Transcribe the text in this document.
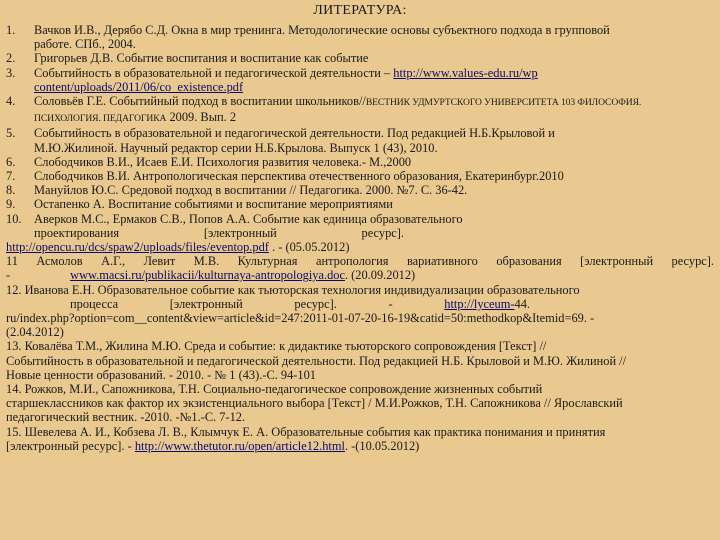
ЛИТЕРАТУРА:
1. Вачков И.В., Дерябо С.Д. Окна в мир тренинга. Методологические основы субъектного подхода в групповой
работе. СПб., 2004.
2. Григорьев Д.В. Событие воспитания и воспитание как событие
3. Событийность в образовательной и педагогической деятельности – http://www.values-edu.ru/wp
content/uploads/2011/06/co_existence.pdf
4. Соловьёв Г.Е. Событийный подход в воспитании школьников//ВЕСТНИК УДМУРТСКОГО УНИВЕРСИТЕТА 103 ФИЛОСОФИЯ.
ПСИХОЛОГИЯ. ПЕДАГОГИКА 2009. Вып. 2
5. Событийность в образовательной и педагогической деятельности. Под редакцией Н.Б.Крыловой и
М.Ю.Жилиной. Научный редактор серии Н.Б.Крылова. Выпуск 1 (43), 2010.
6. Слободчиков В.И., Исаев Е.И. Психология развития человека.- М.,2000
7. Слободчиков В.И. Антропологическая перспектива отечественного образования, Екатеринбург.2010
8. Мануйлов Ю.С. Средовой подход в воспитании // Педагогика. 2000. №7. С. 36-42.
9. Остапенко А. Воспитание событиями и воспитание мероприятиями
10. Аверков М.С., Ермаков С.В., Попов А.А. Событие как единица образовательного
проектирования	[электронный	ресурс].
http://opencu.ru/dcs/spaw2/uploads/files/eventop.pdf . - (05.05.2012)
11 Асмолов А.Г., Левит М.В. Культурная антропология вариативного образования [электронный ресурс].
-	www.macsi.ru/publikacii/kulturnaya-antropologiya.doc. (20.09.2012)
12. Иванова Е.Н. Образовательное событие как тьюторская технология индивидуализации образовательного
процесса	[электронный	ресурс].	-	http://lyceum-44.
ru/index.php?option=com__content&view=article&id=247:2011-01-07-20-16-19&catid=50:methodkop&Itemid=69. -
(2.04.2012)
13. Ковалёва Т.М., Жилина М.Ю. Среда и событие: к дидактике тьюторского сопровождения [Текст] //
Событийность в образовательной и педагогической деятельности. Под редакцией Н.Б. Крыловой и М.Ю. Жилиной //
Новые ценности образований. - 2010. - № 1 (43).-С. 94-101
14. Рожков, М.И., Сапожникова, Т.Н. Социально-педагогическое сопровождение жизненных событий
старшеклассников как фактор их экзистенциального выбора [Текст] / М.И.Рожков, Т.Н. Сапожникова // Ярославский
педагогический вестник. -2010. -№1.-С. 7-12.
15. Шевелева А. И., Кобзева Л. В., Клымчук Е. А. Образовательные события как практика понимания и принятия
[электронный ресурс]. - http://www.thetutor.ru/open/article12.html. -(10.05.2012)
